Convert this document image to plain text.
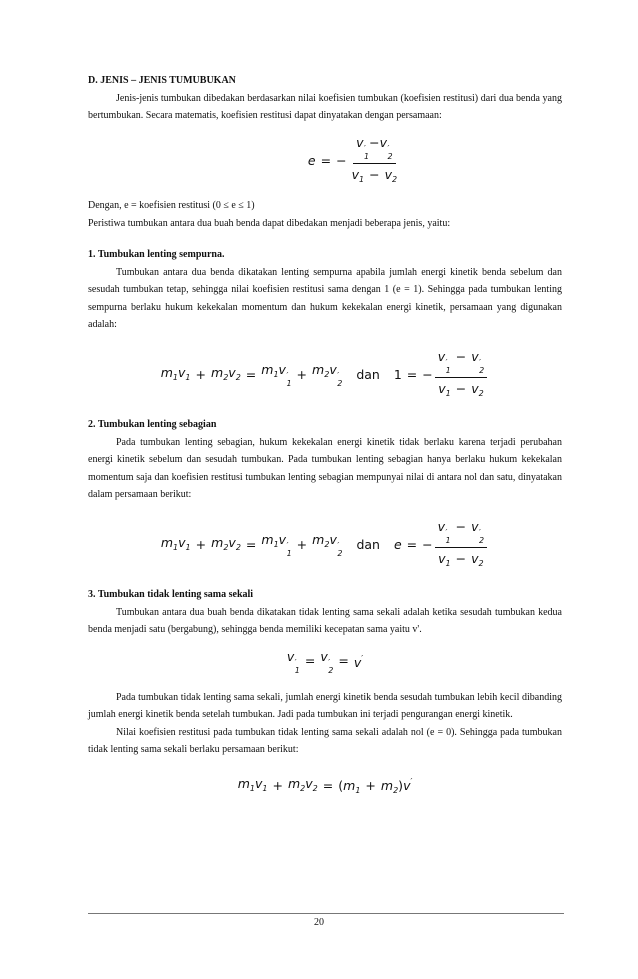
D. JENIS – JENIS TUMUBUKAN

Jenis-jenis tumbukan dibedakan berdasarkan nilai koefisien tumbukan (koefisien restitusi) dari dua benda yang bertumbukan. Secara matematis, koefisien restitusi dapat dinyatakan dengan persamaan:

e = − v ′
1
−v ′
2
$v_1 - v_2$

Dengan, e = koefisien restitusi (0 ≤ e ≤ 1)

Peristiwa tumbukan antara dua buah benda dapat dibedakan menjadi beberapa jenis, yaitu:

1. Tumbukan lenting sempurna.

Tumbukan antara dua benda dikatakan lenting sempurna apabila jumlah energi kinetik benda sebelum dan sesudah tumbukan tetap, sehingga nilai koefisien restitusi sama dengan 1 (e = 1). Sehingga pada tumbukan lenting sempurna berlaku hukum kekekalan momentum dan hukum kekekalan energi kinetik, persamaan yang digunakan adalah:

$m_1v_1 + m_2v_2 = m_1v$ ′
1
+ $m_2v$ ′
2
dan 1 = − v ′
1
− v ′
2
$v_1 - v_2$

2. Tumbukan lenting sebagian

Pada tumbukan lenting sebagian, hukum kekekalan energi kinetik tidak berlaku karena terjadi perubahan energi kinetik sebelum dan sesudah tumbukan. Pada tumbukan lenting sebagian hanya berlaku hukum kekekalan momentum saja dan koefisien restitusi tumbukan lenting sebagian mempunyai nilai di antara nol dan satu, dinyatakan dalam persamaan berikut:

$m_1v_1 + m_2v_2 = m_1v$ ′
1
+ $m_2v$ ′
2
dan e = − v ′
1
− v ′
2
$v_1 - v_2$

3. Tumbukan tidak lenting sama sekali

Tumbukan antara dua buah benda dikatakan tidak lenting sama sekali adalah ketika sesudah tumbukan kedua benda menjadi satu (bergabung), sehingga benda memiliki kecepatan sama yaitu v'.

v ′
1
= v ′
2
= v′

Pada tumbukan tidak lenting sama sekali, jumlah energi kinetik benda sesudah tumbukan lebih kecil dibanding jumlah energi kinetik benda setelah tumbukan. Jadi pada tumbukan ini terjadi pengurangan energi kinetik.

Nilai koefisien restitusi pada tumbukan tidak lenting sama sekali adalah nol (e = 0). Sehingga pada tumbukan tidak lenting sama sekali berlaku persamaan berikut:

$m_1v_1 + m_2v_2 = (m_1 + m_2)v'$
20
